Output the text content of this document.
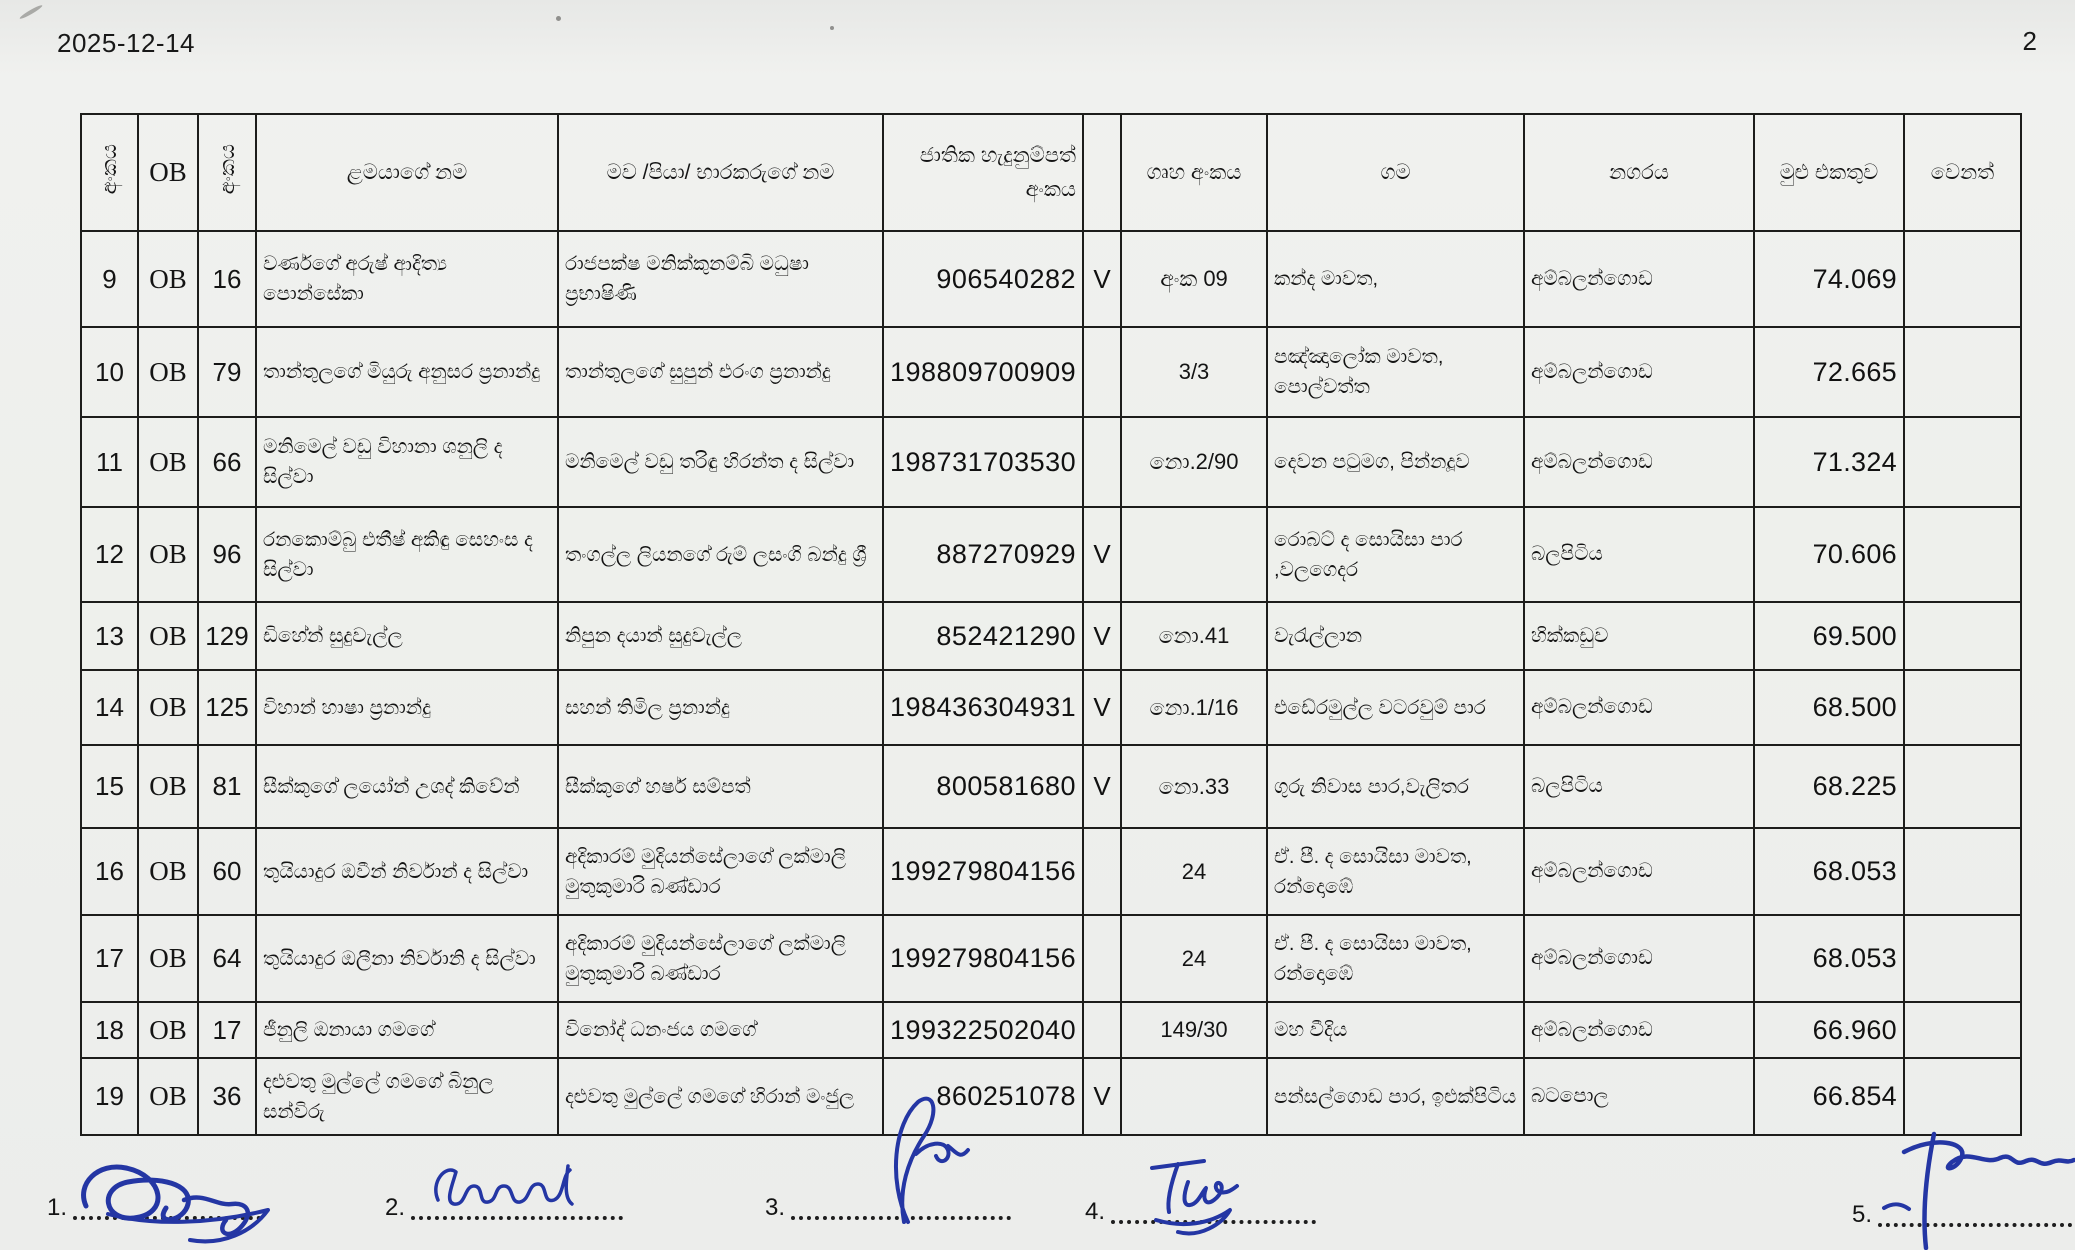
2025-12-14	2
අංකය	OB	අංකය	ළමයාගේ නම	මව /පියා/ භාරකරුගේ නම	ජාතික හැදුනුම්පත් අංකය		ගෘහ අංකය	ගම	නගරය	මුළු එකතුව	වෙනත්
9	OB	16	වර්ණගේ අරුෂ් ආදිත්‍ය පොන්සේකා	රාජපක්ෂ මනික්කුනම්බි මධුෂා ප්‍රභාෂිණි	906540282	V	අංක 09	කන්ද මාවත,	අම්බලන්ගොඩ	74.069	
10	OB	79	තාන්තුලගේ මියුරු අනුසර ප්‍රනාන්දු	තාන්තුලගේ සුපුන් එරංග ප්‍රනාන්දු	198809700909		3/3	පඤ්ඤාලෝක මාවත, පොල්වත්ත	අම්බලන්ගොඩ	72.665	
11	OB	66	මනිමෙල් වඩු විහානා ශනුලි ද සිල්වා	මනිමෙල් වඩු තරිඳු හිරන්ත ද සිල්වා	198731703530		නො.2/90	දෙවන පටුමග, පින්නදූව	අම්බලන්ගොඩ	71.324	
12	OB	96	රනකොම්බු එතීෂ් අකිඳු සෙහංස ද සිල්වා	තංගල්ල ලියනගේ රුම් ලසංගි බන්දු ශ්‍රී	887270929	V		රොබට් ද සොයිසා පාර ,වලගෙදර	බලපිටිය	70.606	
13	OB	129	ඩිහේන් සුදුවැල්ල	නිපුන දයාන් සුදුවැල්ල	852421290	V	නො.41	වැරැල්ලාන	හික්කඩුව	69.500	
14	OB	125	විහාන් හාෂා ප්‍රනාන්දු	සහන් තිමිල ප්‍රනාන්දු	198436304931	V	නො.1/16	එඩේරමුල්ල වටරවුම් පාර	අම්බලන්ගොඩ	68.500	
15	OB	81	සීක්කුගේ ලයෝන් උශද් කිවේන්	සීක්කුගේ හර්ෂ සම්පත්	800581680	V	නො.33	ගුරු නිවාස පාර,වැලිතර	බලපිටිය	68.225	
16	OB	60	තුයියාදුර ඔවීන් නිර්වාන් ද සිල්වා	අදිකාරම් මුදියන්සේලාගේ ලක්මාලි මුතුකුමාරි බණ්ඩාර	199279804156		24	ඒ. පී. ද සොයිසා මාවත, රන්දොඹේ	අම්බලන්ගොඩ	68.053	
17	OB	64	තුයියාදුර ඔලීනා නිර්වානි ද සිල්වා	අදිකාරම් මුදියන්සේලාගේ ලක්මාලි මුතුකුමාරි බණ්ඩාර	199279804156		24	ඒ. පී. ද සොයිසා මාවත, රන්දොඹේ	අම්බලන්ගොඩ	68.053	
18	OB	17	ජීනුලි ඔනායා ගමගේ	විනෝද් ධනංජය ගමගේ	199322502040		149/30	මහ වීදිය	අම්බලන්ගොඩ	66.960	
19	OB	36	දළුවතු මුල්ලේ ගමගේ බිනුල සන්විරු	දළුවතු මුල්ලේ ගමගේ හිරාන් මංජුල	860251078	V		පන්සල්ගොඩ පාර, ඉළුක්පිටිය	බටපොල	66.854	
1.	2.	3.	4.	5.
